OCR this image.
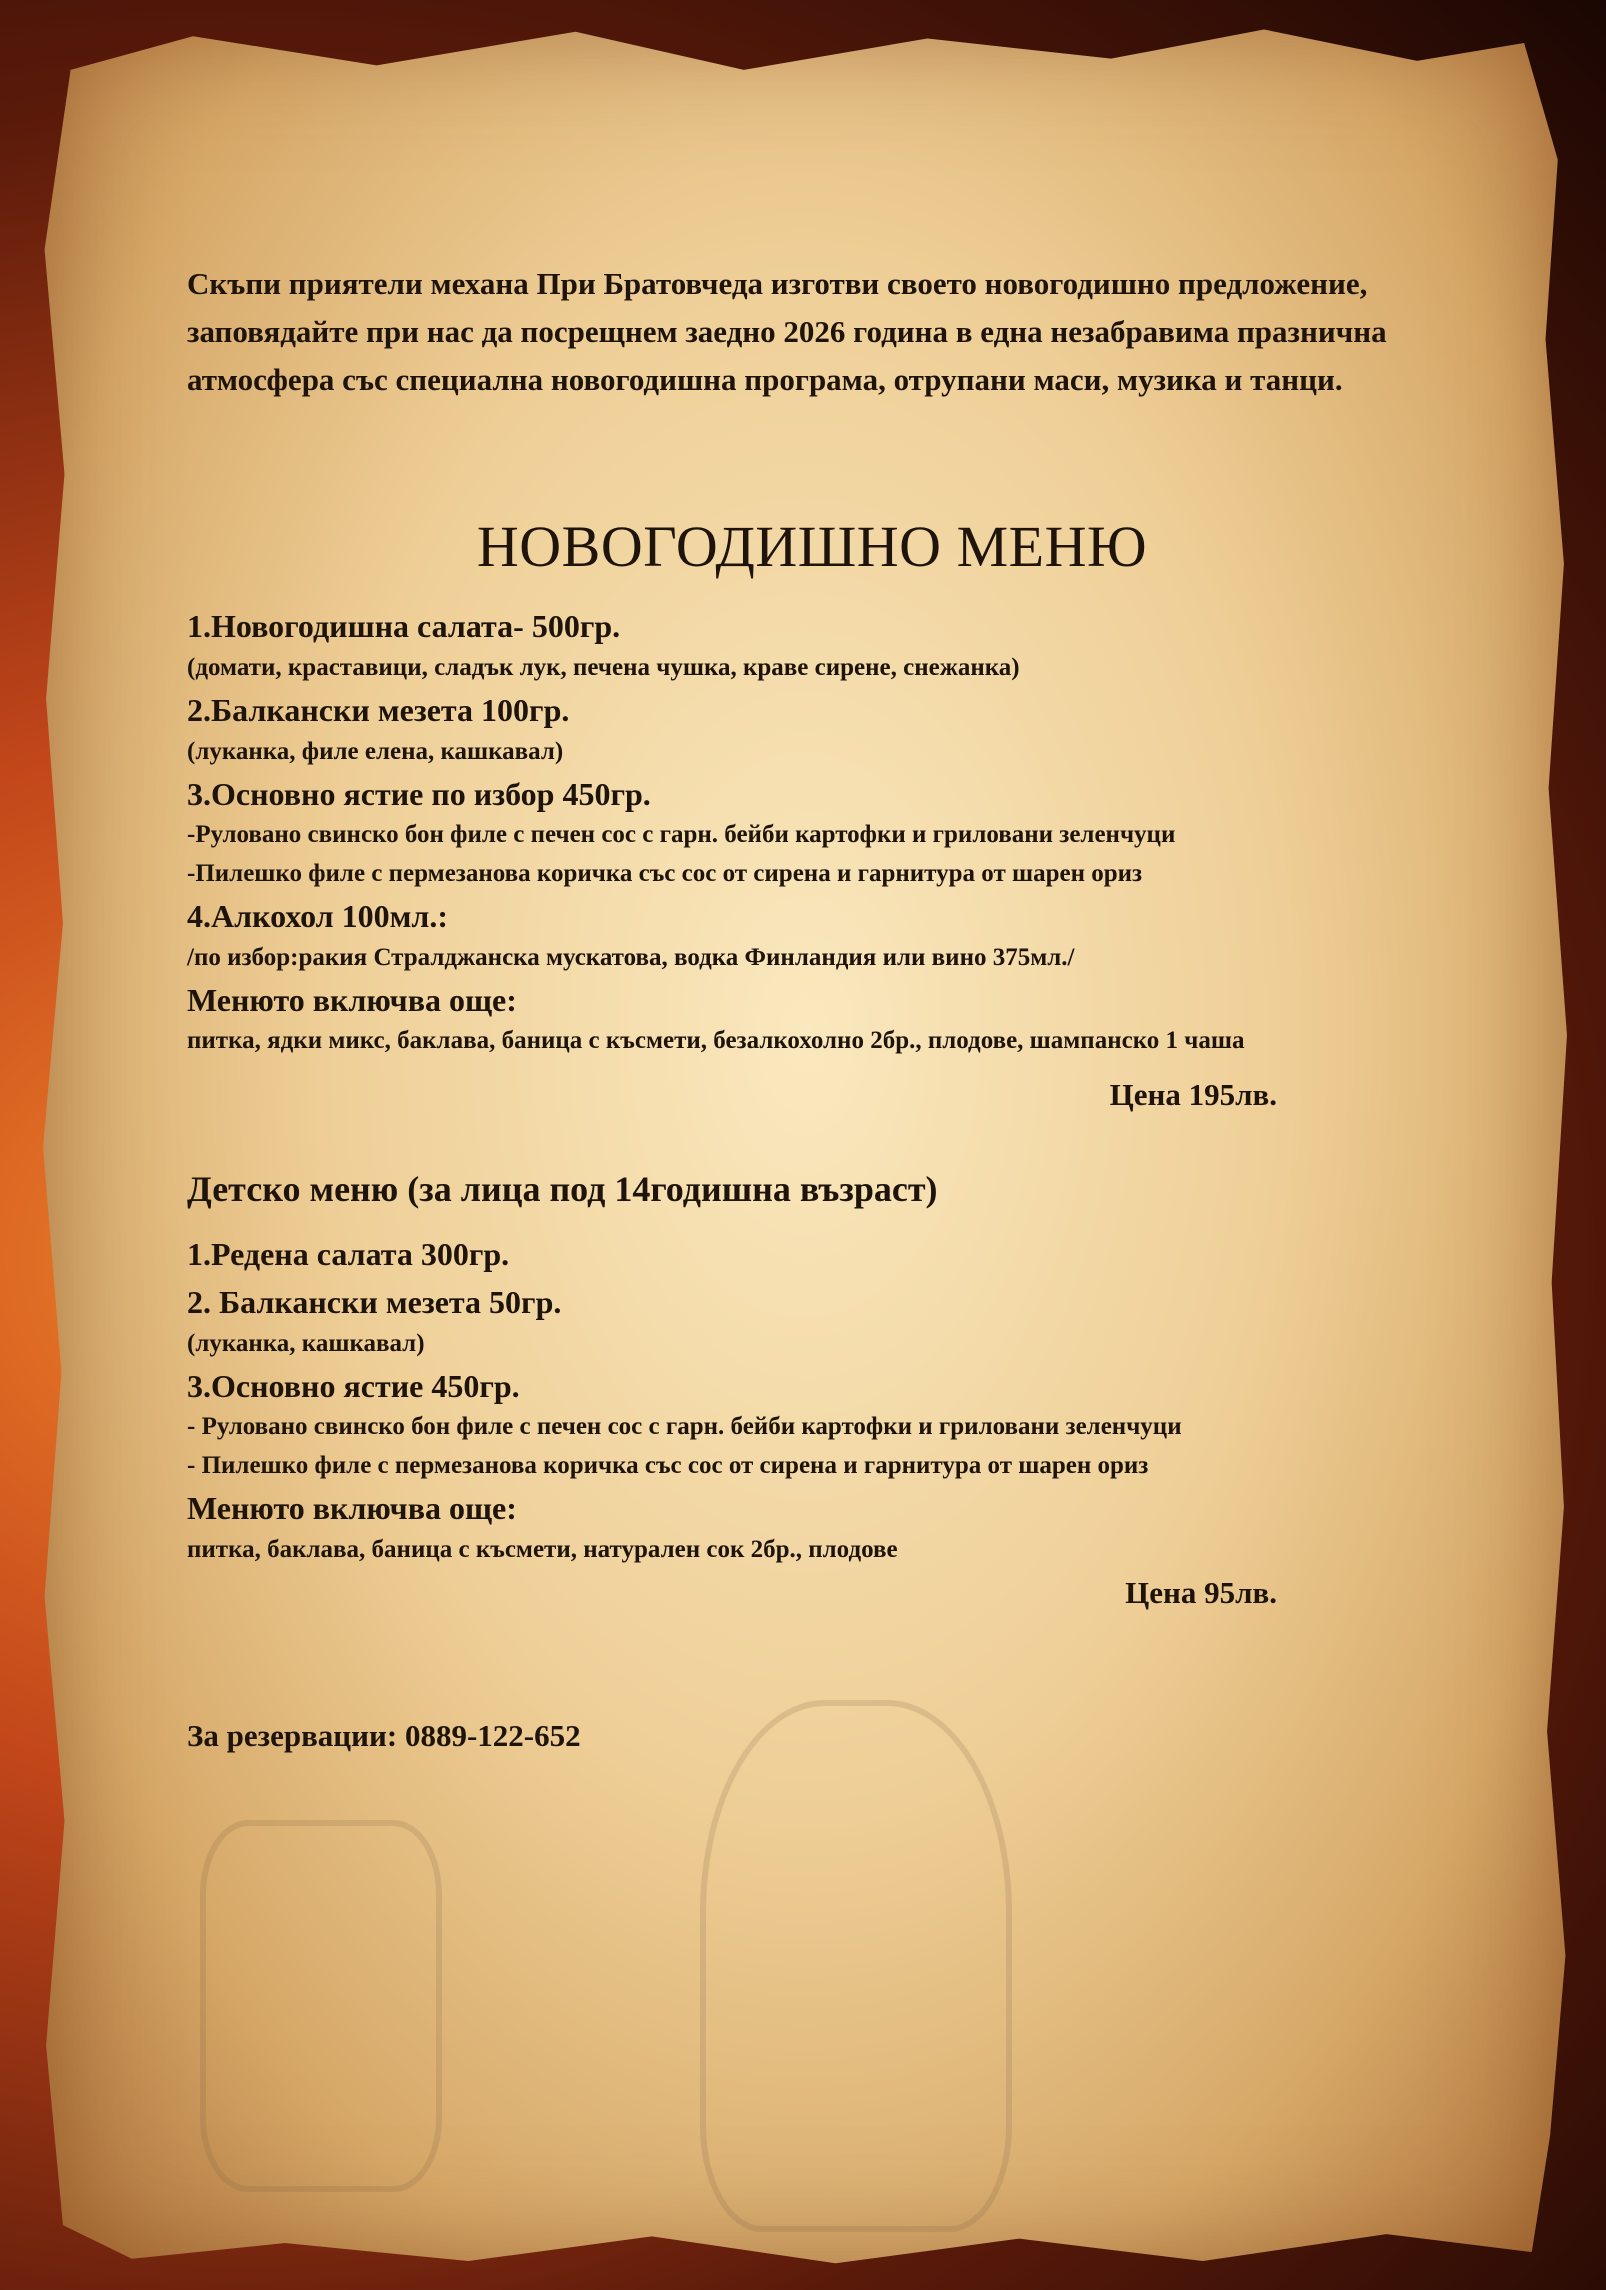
Скъпи приятели механа При Братовчеда изготви своето новогодишно предложение, заповядайте при нас да посрещнем заедно 2026 година в една незабравима празнична атмосфера със специална новогодишна програма, отрупани маси, музика и танци.

НОВОГОДИШНО МЕНЮ

1.Новогодишна салата- 500гр.

(домати, краставици, сладък лук, печена чушка, краве сирене, снежанка)

2.Балкански мезета 100гр.

(луканка, филе елена, кашкавал)

3.Основно ястие по избор 450гр.

-Руловано свинско бон филе с печен сос с гарн. бейби картофки и гриловани зеленчуци

-Пилешко филе с пермезанова коричка със сос от сирена и гарнитура от шарен ориз

4.Алкохол 100мл.:

/по избор:ракия Стралджанска мускатова, водка Финландия или вино 375мл./

Менюто включва още:

питка, ядки микс, баклава, баница с късмети, безалкохолно 2бр., плодове, шампанско 1 чаша

Цена 195лв.

Детско меню (за лица под 14годишна възраст)

1.Редена салата 300гр.

2. Балкански мезета 50гр.

(луканка, кашкавал)

3.Основно ястие 450гр.

- Руловано свинско бон филе с печен сос с гарн. бейби картофки и гриловани зеленчуци

- Пилешко филе с пермезанова коричка със сос от сирена и гарнитура от шарен ориз

Менюто включва още:

питка, баклава, баница с късмети, натурален сок 2бр., плодове

Цена 95лв.

За резервации: 0889-122-652
